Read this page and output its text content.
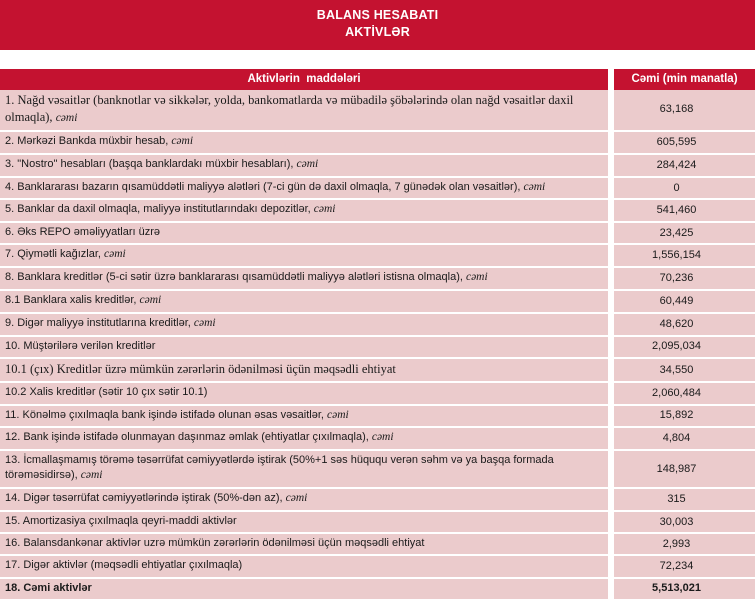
BALANS HESABATI
AKTİVLƏR
Aktivlərin  maddələri	Cəmi (min manatla)
1. Nağd vəsaitlər (banknotlar və sikkələr, yolda, bankomatlarda və mübadilə şöbələrində olan nağd vəsaitlər daxil olmaqla), cəmi	63,168
2. Mərkəzi Bankda müxbir hesab, cəmi	605,595
3. "Nostro" hesabları (başqa banklardakı müxbir hesabları), cəmi	284,424
4. Banklararası bazarın qısamüddətli maliyyə alətləri (7-ci gün də daxil olmaqla, 7 günədək olan vəsaitlər), cəmi	0
5. Banklar da daxil olmaqla, maliyyə institutlarındakı depozitlər, cəmi	541,460
6. Əks REPO əməliyyatları üzrə	23,425
7. Qiymətli kağızlar, cəmi	1,556,154
8. Banklara kreditlər (5-ci sətir üzrə banklararası qısamüddətli maliyyə alətləri istisna olmaqla), cəmi	70,236
8.1 Banklara xalis kreditlər, cəmi	60,449
9. Digər maliyyə institutlarına kreditlər, cəmi	48,620
10. Müştərilərə verilən kreditlər	2,095,034
10.1 (çıx) Kreditlər üzrə mümkün zərərlərin ödənilməsi üçün məqsədli ehtiyat	34,550
10.2 Xalis kreditlər (sətir 10 çıx sətir 10.1)	2,060,484
11. Könəlmə çıxılmaqla bank işində istifadə olunan əsas vəsaitlər, cəmi	15,892
12. Bank işində istifadə olunmayan daşınmaz əmlak (ehtiyatlar çıxılmaqla), cəmi	4,804
13. İcmallaşmamış törəmə təsərrüfat cəmiyyətlərdə iştirak (50%+1 səs hüququ verən səhm və ya başqa formada törəməsidirsə), cəmi	148,987
14. Digər təsərrüfat cəmiyyətlərində iştirak (50%-dən az), cəmi	315
15. Amortizasiya çıxılmaqla qeyri-maddi aktivlər	30,003
16. Balansdankənar aktivlər uzrə mümkün zərərlərin ödənilməsi üçün məqsədli ehtiyat	2,993
17. Digər aktivlər (məqsədli ehtiyatlar çıxılmaqla)	72,234
18. Cəmi aktivlər	5,513,021
